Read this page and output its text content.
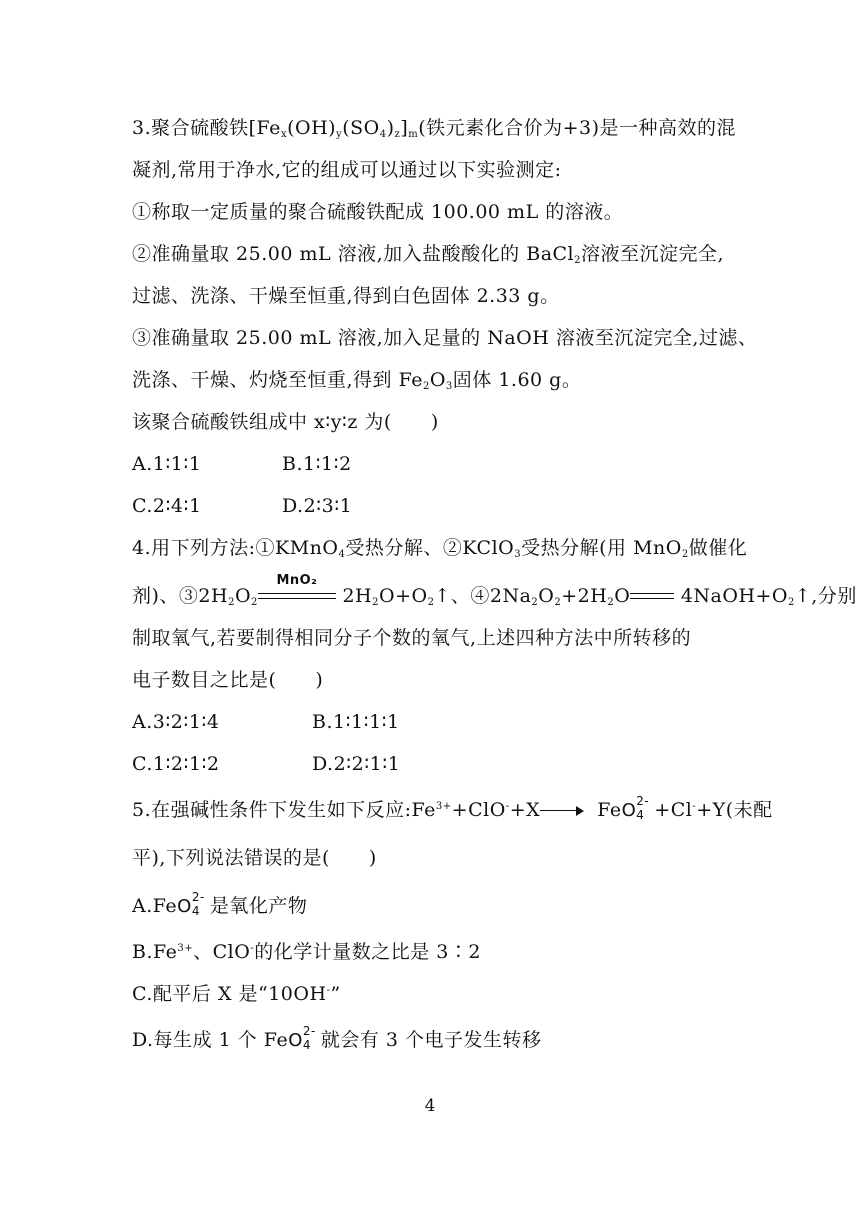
3.聚合硫酸铁$[Fe_x(OH)_y(SO_4)_z]_m$(铁元素化合价为+3)是一种高效的混
凝剂,常用于净水,它的组成可以通过以下实验测定:
①称取一定质量的聚合硫酸铁配成 100.00 mL 的溶液。
②准确量取 25.00 mL 溶液,加入盐酸酸化的 BaCl$_2$溶液至沉淀完全,
过滤、洗涤、干燥至恒重,得到白色固体 2.33 g。
③准确量取 25.00 mL 溶液,加入足量的 NaOH 溶液至沉淀完全,过滤、
洗涤、干燥、灼烧至恒重,得到 $Fe_2O_3$固体 1.60 g。
该聚合硫酸铁组成中 x∶y∶z 为(　　)
A.1∶1∶1	B.1∶1∶2
C.2∶4∶1	D.2∶3∶1
4.用下列方法:①KMnO$_4$受热分解、②KClO$_3$受热分解(用 MnO$_2$做催化
剂)、$③2H_2O_2$
MnO₂
$2H_2O+O_2↑$、$④2Na_2O_2+2H_2O$	$4NaOH+O_2↑$,分别
制取氧气,若要制得相同分子个数的氧气,上述四种方法中所转移的
电子数目之比是(　　)
A.3∶2∶1∶4	B.1∶1∶1∶1
C.1∶2∶1∶2	D.2∶2∶1∶1
5.在强碱性条件下发生如下反应$:Fe^{3+}+ClO^-+X$	FeO 2-
4 +Cl-+Y(未配
平),下列说法错误的是(　　)
A.FeO 2-
4 是氧化产物
$B.Fe^{3+}$、ClO-的化学计量数之比是 3∶2
C.配平后 X 是“10OH-”
D.每生成 1 个 FeO 2-
4 就会有 3 个电子发生转移
4
